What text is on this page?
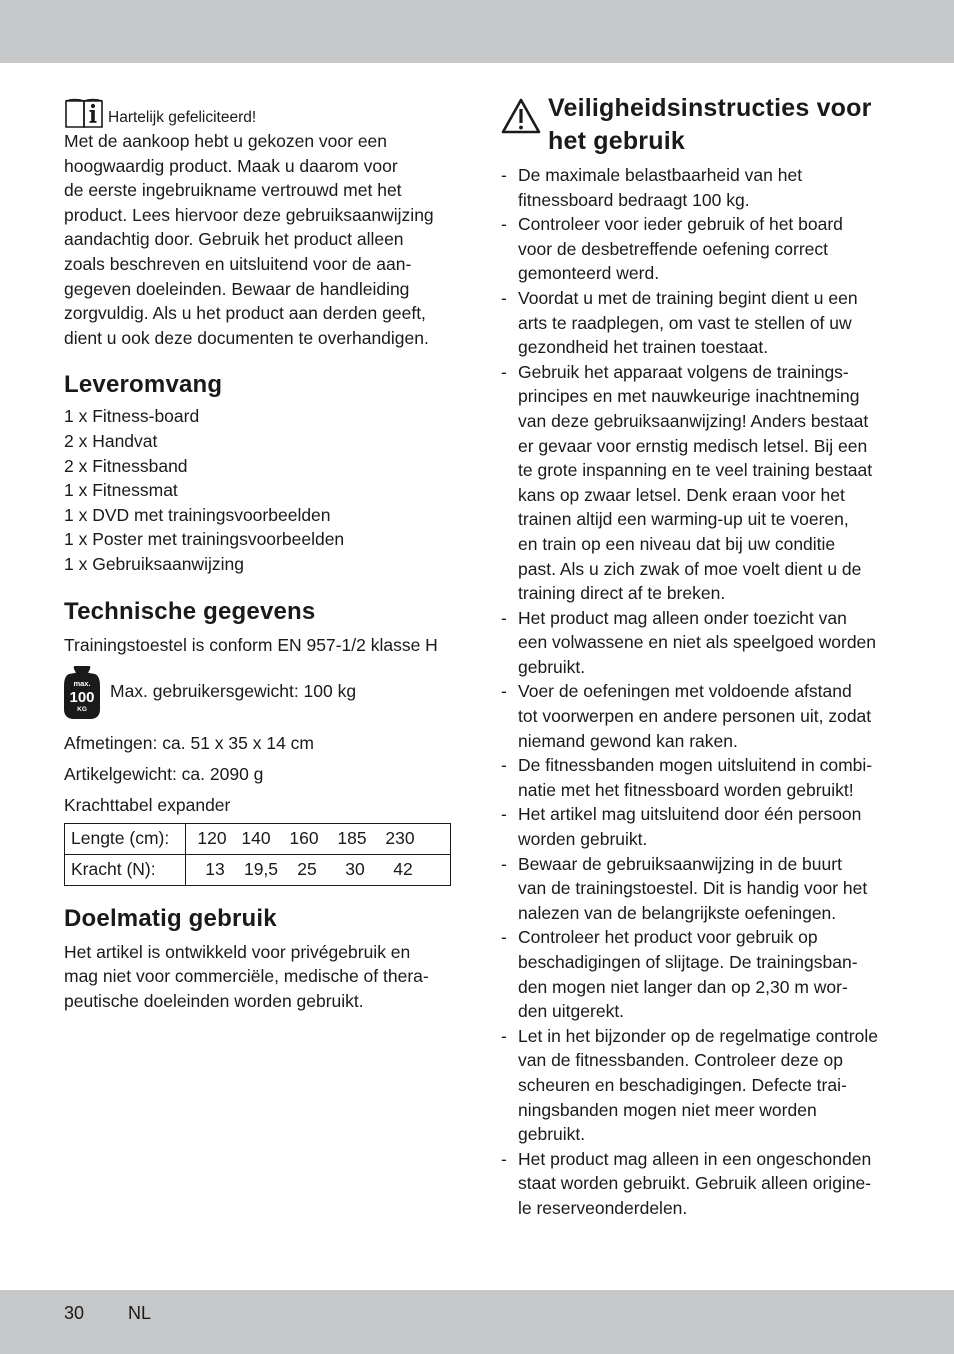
Hartelijk gefeliciteerd!
Met de aankoop hebt u gekozen voor een
hoogwaardig product. Maak u daarom voor
de eerste ingebruikname vertrouwd met het
product. Lees hiervoor deze gebruiksaanwijzing
aandachtig door. Gebruik het product alleen
zoals beschreven en uitsluitend voor de aan-
gegeven doeleinden. Bewaar de handleiding
zorgvuldig. Als u het product aan derden geeft,
dient u ook deze documenten te overhandigen.
Leveromvang
1 x Fitness-board
2 x Handvat
2 x Fitnessband
1 x Fitnessmat
1 x DVD met trainingsvoorbeelden
1 x Poster met trainingsvoorbeelden
1 x Gebruiksaanwijzing
Technische gegevens
Trainingstoestel is conform EN 957-1/2 klasse H
max.
100
KG
Max. gebruikersgewicht: 100 kg
Afmetingen: ca. 51 x 35 x 14 cm
Artikelgewicht: ca. 2090 g
Krachttabel expander
Lengte (cm):	120 140 160 185 230

Kracht (N):	13 19,5 25 30 42
Doelmatig gebruik
Het artikel is ontwikkeld voor privégebruik en
mag niet voor commerciële, medische of thera-
peutische doeleinden worden gebruikt.
Veiligheidsinstructies voor
het gebruik
- De maximale belastbaarheid van het
fitnessboard bedraagt 100 kg.
- Controleer voor ieder gebruik of het board
voor de desbetreffende oefening correct
gemonteerd werd.
- Voordat u met de training begint dient u een
arts te raadplegen, om vast te stellen of uw
gezondheid het trainen toestaat.
- Gebruik het apparaat volgens de trainings-
principes en met nauwkeurige inachtneming
van deze gebruiksaanwijzing! Anders bestaat
er gevaar voor ernstig medisch letsel. Bij een
te grote inspanning en te veel training bestaat
kans op zwaar letsel. Denk eraan voor het
trainen altijd een warming-up uit te voeren,
en train op een niveau dat bij uw conditie
past. Als u zich zwak of moe voelt dient u de
training direct af te breken.
- Het product mag alleen onder toezicht van
een volwassene en niet als speelgoed worden
gebruikt.
- Voer de oefeningen met voldoende afstand
tot voorwerpen en andere personen uit, zodat
niemand gewond kan raken.
- De fitnessbanden mogen uitsluitend in combi-
natie met het fitnessboard worden gebruikt!
- Het artikel mag uitsluitend door één persoon
worden gebruikt.
- Bewaar de gebruiksaanwijzing in de buurt
van de trainingstoestel. Dit is handig voor het
nalezen van de belangrijkste oefeningen.
- Controleer het product voor gebruik op
beschadigingen of slijtage. De trainingsban-
den mogen niet langer dan op 2,30 m wor-
den uitgerekt.
- Let in het bijzonder op de regelmatige controle
van de fitnessbanden. Controleer deze op
scheuren en beschadigingen. Defecte trai-
ningsbanden mogen niet meer worden
gebruikt.
- Het product mag alleen in een ongeschonden
staat worden gebruikt. Gebruik alleen origine-
le reserveonderdelen.
30 NL
